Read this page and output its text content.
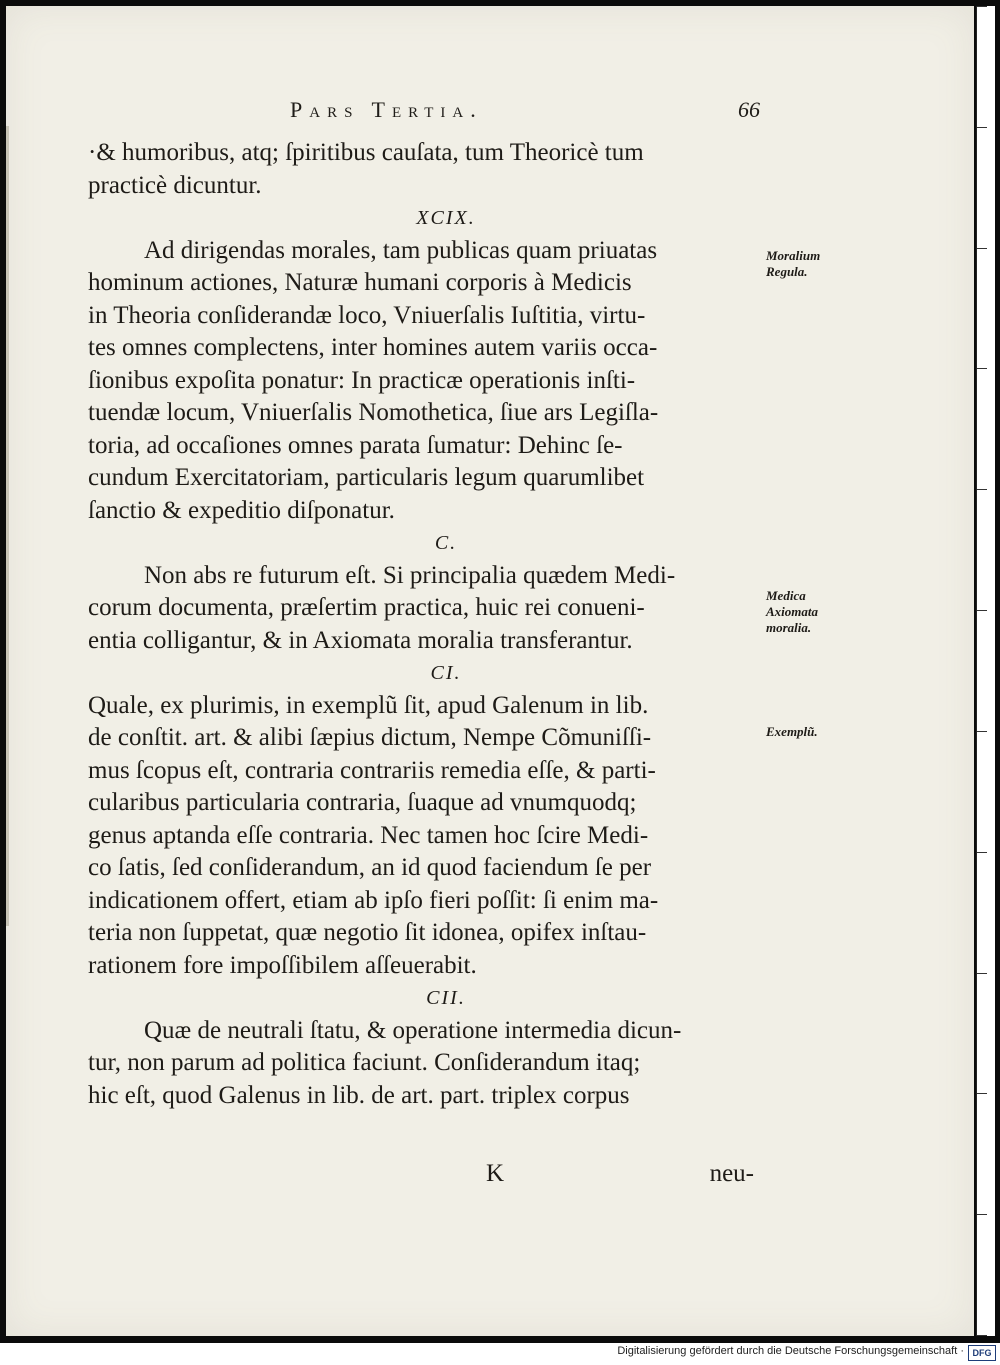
Pars Tertia.	66

·& humoribus, atq; ſpiritibus cauſata, tum Theoricè tum

practicè dicuntur.

XCIX.

Ad dirigendas morales, tam publicas quam priuatas

hominum actiones, Naturæ humani corporis à Medicis

in Theoria conſiderandæ loco, Vniuerſalis Iuſtitia, virtu-

tes omnes complectens, inter homines autem variis occa-

ſionibus expoſita ponatur: In practicæ operationis inſti-

tuendæ locum, Vniuerſalis Nomothetica, ſiue ars Legiſla-

toria, ad occaſiones omnes parata ſumatur: Dehinc ſe-

cundum Exercitatoriam, particularis legum quarumlibet

ſanctio & expeditio diſponatur.

C.

Non abs re futurum eſt. Si principalia quædem Medi-

corum documenta, præſertim practica, huic rei conueni-

entia colligantur, & in Axiomata moralia transferantur.

CI.

Quale, ex plurimis, in exemplũ ſit, apud Galenum in lib.

de conſtit. art. & alibi ſæpius dictum, Nempe Cõmuniſſi-

mus ſcopus eſt, contraria contrariis remedia eſſe, & parti-

cularibus particularia contraria, ſuaque ad vnumquodq;

genus aptanda eſſe contraria. Nec tamen hoc ſcire Medi-

co ſatis, ſed conſiderandum, an id quod faciendum ſe per

indicationem offert, etiam ab ipſo fieri poſſit: ſi enim ma-

teria non ſuppetat, quæ negotio ſit idonea, opifex inſtau-

rationem fore impoſſibilem aſſeuerabit.

CII.

Quæ de neutrali ſtatu, & operatione intermedia dicun-

tur, non parum ad politica faciunt. Conſiderandum itaq;

hic eſt, quod Galenus in lib. de art. part. triplex corpus

Moralium
Regula.
Medica
Axiomata
moralia.
Exemplũ.
K	neu-
Digitalisierung gefördert durch die Deutsche Forschungsgemeinschaft · DFG
